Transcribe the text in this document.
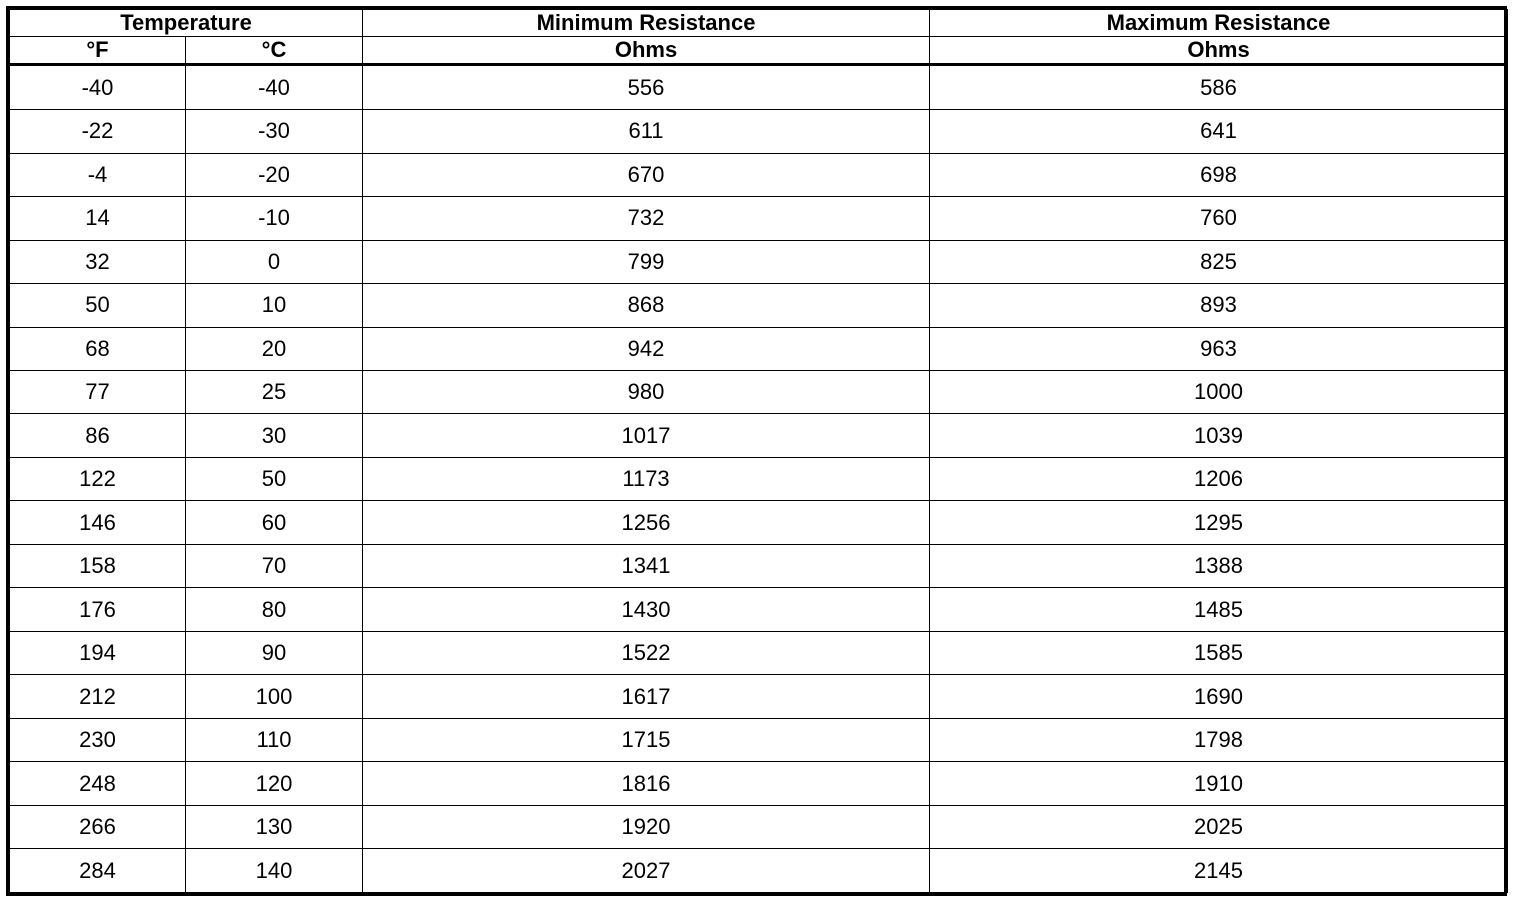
Temperature		Minimum Resistance	Maximum Resistance
°F	°C	Ohms	Ohms
-40	-40	556	586
-22	-30	611	641
-4	-20	670	698
14	-10	732	760
32	0	799	825
50	10	868	893
68	20	942	963
77	25	980	1000
86	30	1017	1039
122	50	1173	1206
146	60	1256	1295
158	70	1341	1388
176	80	1430	1485
194	90	1522	1585
212	100	1617	1690
230	110	1715	1798
248	120	1816	1910
266	130	1920	2025
284	140	2027	2145
